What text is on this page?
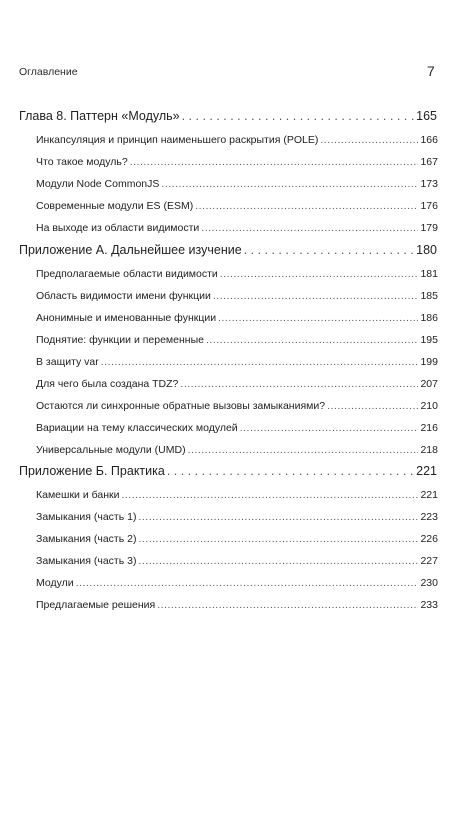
Оглавление	7
Глава 8. Паттерн «Модуль» . . .	165
Инкапсуляция и принцип наименьшего раскрытия (POLE) .....	166
Что такое модуль? .....	167
Модули Node CommonJS .....	173
Современные модули ES (ESM) .....	176
На выходе из области видимости .....	179
Приложение А. Дальнейшее изучение . . .	180
Предполагаемые области видимости .....	181
Область видимости имени функции .....	185
Анонимные и именованные функции .....	186
Поднятие: функции и переменные .....	195
В защиту var .....	199
Для чего была создана TDZ? .....	207
Остаются ли синхронные обратные вызовы замыканиями? .....	210
Вариации на тему классических модулей .....	216
Универсальные модули (UMD) .....	218
Приложение Б. Практика . . .	221
Камешки и банки .....	221
Замыкания (часть 1) .....	223
Замыкания (часть 2) .....	226
Замыкания (часть 3) .....	227
Модули .....	230
Предлагаемые решения .....	233
